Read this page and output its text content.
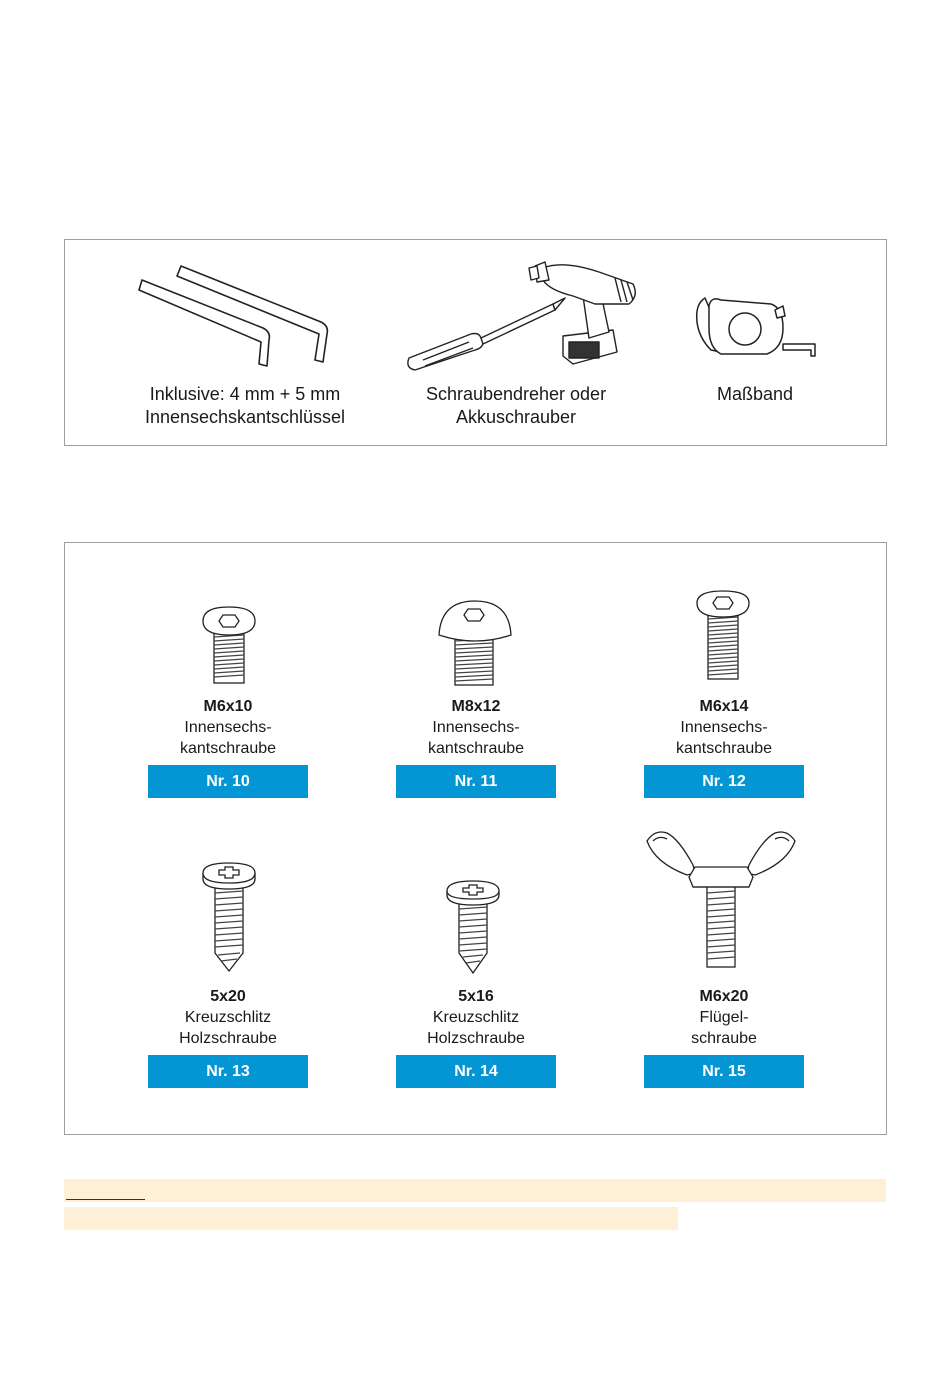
Inklusive: 4 mm + 5 mm
Innensechskantschlüssel
Schraubendreher oder
Akkuschrauber
Maßband
M6x10
Innensechs-
kantschraube
Nr. 10
M8x12
Innensechs-
kantschraube
Nr. 11
M6x14
Innensechs-
kantschraube
Nr. 12
5x20
Kreuzschlitz
Holzschraube
Nr. 13
5x16
Kreuzschlitz
Holzschraube
Nr. 14
M6x20
Flügel-
schraube
Nr. 15
